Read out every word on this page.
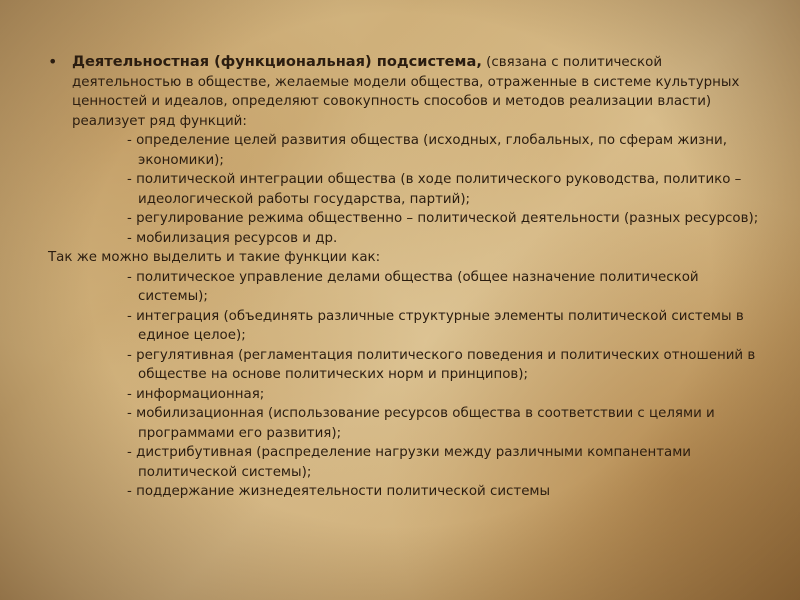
• Деятельностная (функциональная) подсистема, (связана с политической деятельностью в обществе, желаемые модели общества, отраженные в системе культурных ценностей и идеалов, определяют совокупность способов и методов реализации власти)
реализует ряд функций:
- определение целей развития общества (исходных, глобальных, по сферам жизни, экономики);
- политической интеграции общества (в ходе политического руководства, политико – идеологической работы государства, партий);
- регулирование режима общественно – политической деятельности (разных ресурсов);
- мобилизация ресурсов и др.
Так же можно выделить и такие функции как:
- политическое управление делами общества (общее назначение политической системы);
- интеграция (объединять различные структурные элементы политической системы в единое целое);
- регулятивная (регламентация политического поведения и политических отношений в обществе на основе политических норм и принципов);
- информационная;
- мобилизационная (использование ресурсов общества в соответствии с целями и программами его развития);
- дистрибутивная (распределение нагрузки между различными компанентами политической системы);
- поддержание жизнедеятельности политической системы
